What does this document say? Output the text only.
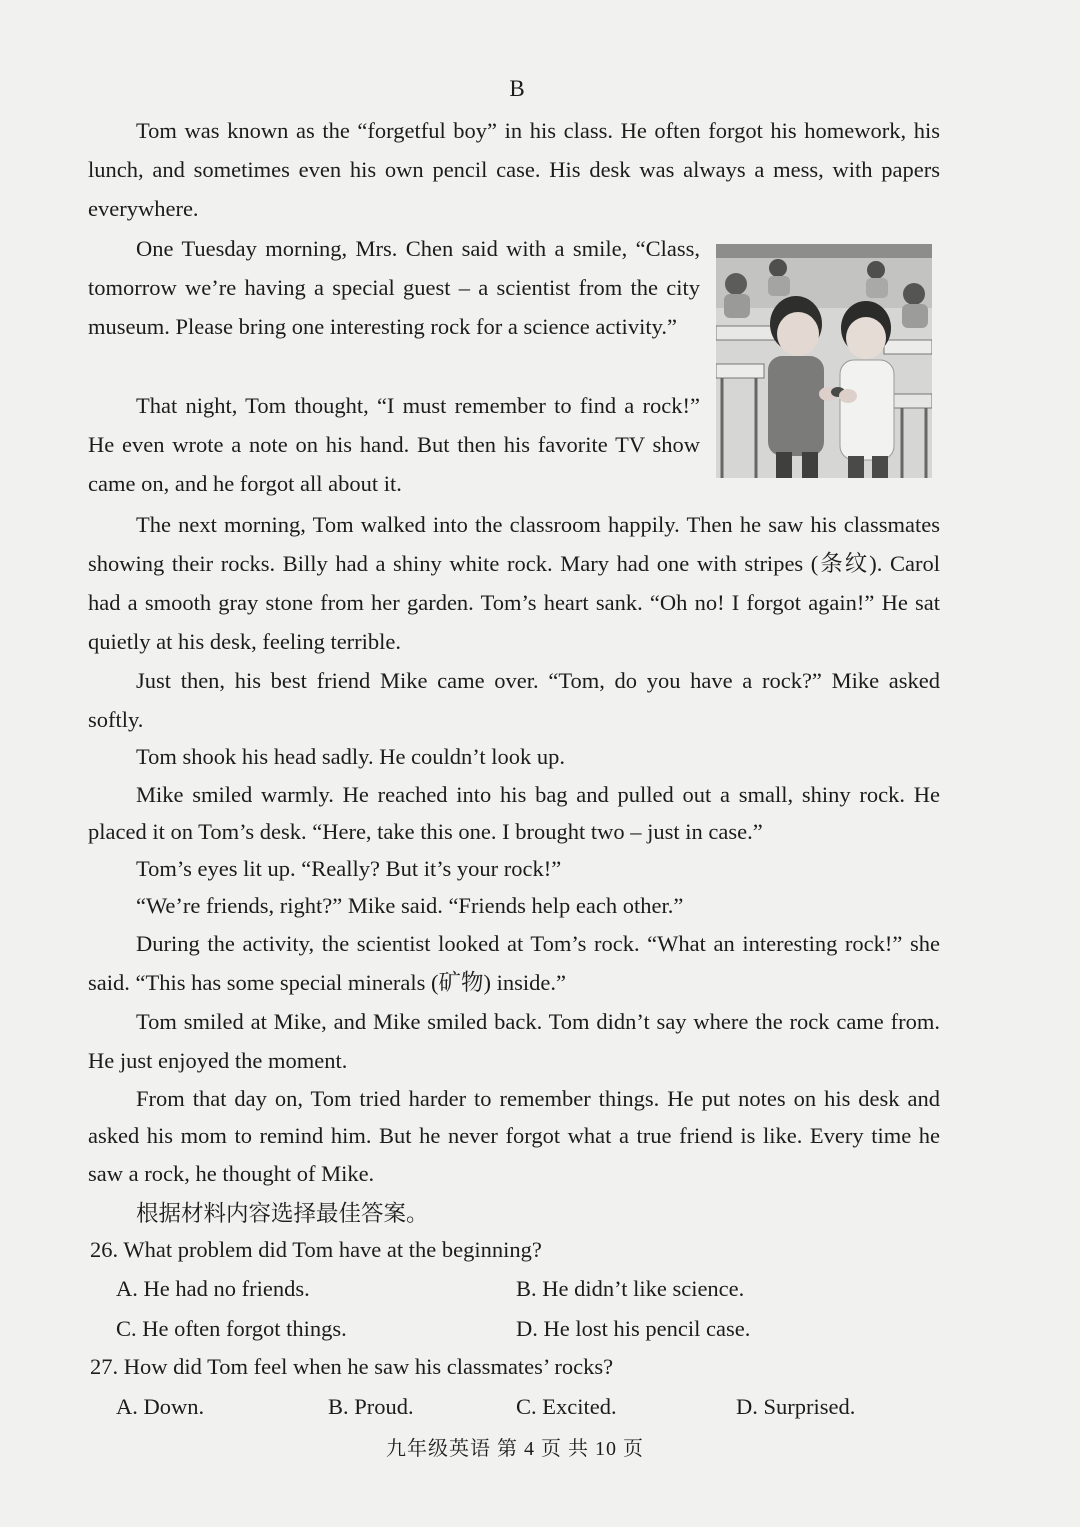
B

Tom was known as the “forgetful boy” in his class. He often forgot his homework, his lunch, and sometimes even his own pencil case. His desk was always a mess, with papers everywhere.

One Tuesday morning, Mrs. Chen said with a smile, “Class, tomorrow we’re having a special guest – a scientist from the city museum. Please bring one interesting rock for a science activity.”

That night, Tom thought, “I must remember to find a rock!” He even wrote a note on his hand. But then his favorite TV show came on, and he forgot all about it.

The next morning, Tom walked into the classroom happily. Then he saw his classmates showing their rocks. Billy had a shiny white rock. Mary had one with stripes (条纹). Carol had a smooth gray stone from her garden. Tom’s heart sank. “Oh no! I forgot again!” He sat quietly at his desk, feeling terrible.

Just then, his best friend Mike came over. “Tom, do you have a rock?” Mike asked softly.

Tom shook his head sadly. He couldn’t look up.

Mike smiled warmly. He reached into his bag and pulled out a small, shiny rock. He placed it on Tom’s desk. “Here, take this one. I brought two – just in case.”

Tom’s eyes lit up. “Really? But it’s your rock!”

“We’re friends, right?” Mike said. “Friends help each other.”

During the activity, the scientist looked at Tom’s rock. “What an interesting rock!” she said. “This has some special minerals (矿物) inside.”

Tom smiled at Mike, and Mike smiled back. Tom didn’t say where the rock came from. He just enjoyed the moment.

From that day on, Tom tried harder to remember things. He put notes on his desk and asked his mom to remind him. But he never forgot what a true friend is like. Every time he saw a rock, he thought of Mike.

根据材料内容选择最佳答案。

26. What problem did Tom have at the beginning?
A. He had no friends.	B. He didn’t like science.
C. He often forgot things.	D. He lost his pencil case.
27. How did Tom feel when he saw his classmates’ rocks?
A. Down.	B. Proud.	C. Excited.	D. Surprised.
九年级英语 第 4 页 共 10 页
